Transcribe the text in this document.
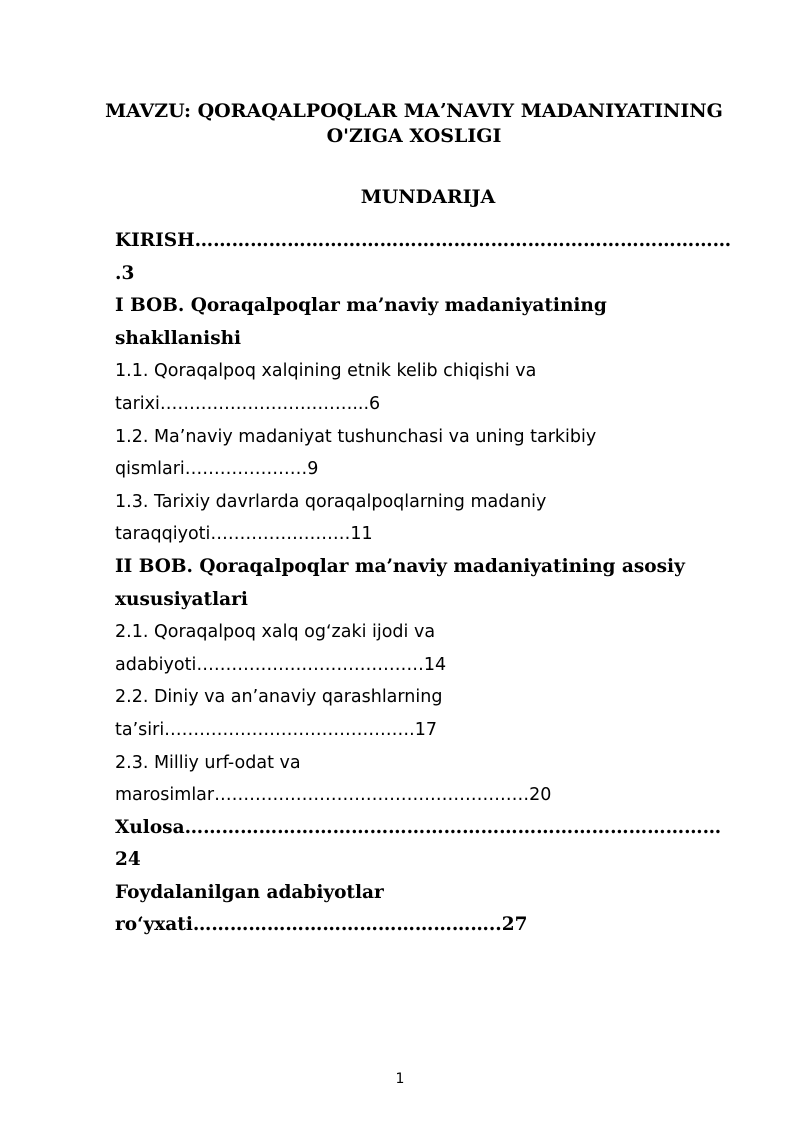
MAVZU: QORAQALPOQLAR MAʼNAVIY MADANIYATINING
O'ZIGA XOSLIGI
MUNDARIJA
KIRISH……………………………………………………………………………
.3
I BOB. Qoraqalpoqlar ma’naviy madaniyatining
shakllanishi
1.1. Qoraqalpoq xalqining etnik kelib chiqishi va
tarixi……………………………...6
1.2. Ma’naviy madaniyat tushunchasi va uning tarkibiy
qismlari…………………9
1.3. Tarixiy davrlarda qoraqalpoqlarning madaniy
taraqqiyoti……………………11
II BOB. Qoraqalpoqlar ma’naviy madaniyatining asosiy
xususiyatlari
2.1. Qoraqalpoq xalq ogʻzaki ijodi va
adabiyoti…………………………………14
2.2. Diniy va an’anaviy qarashlarning
ta’siri…………………………………….17
2.3. Milliy urf-odat va
marosimlar………………………………………………20
Xulosa……………………………………………………………………………
24
Foydalanilgan adabiyotlar
roʻyxati…………………………………………..27
1
